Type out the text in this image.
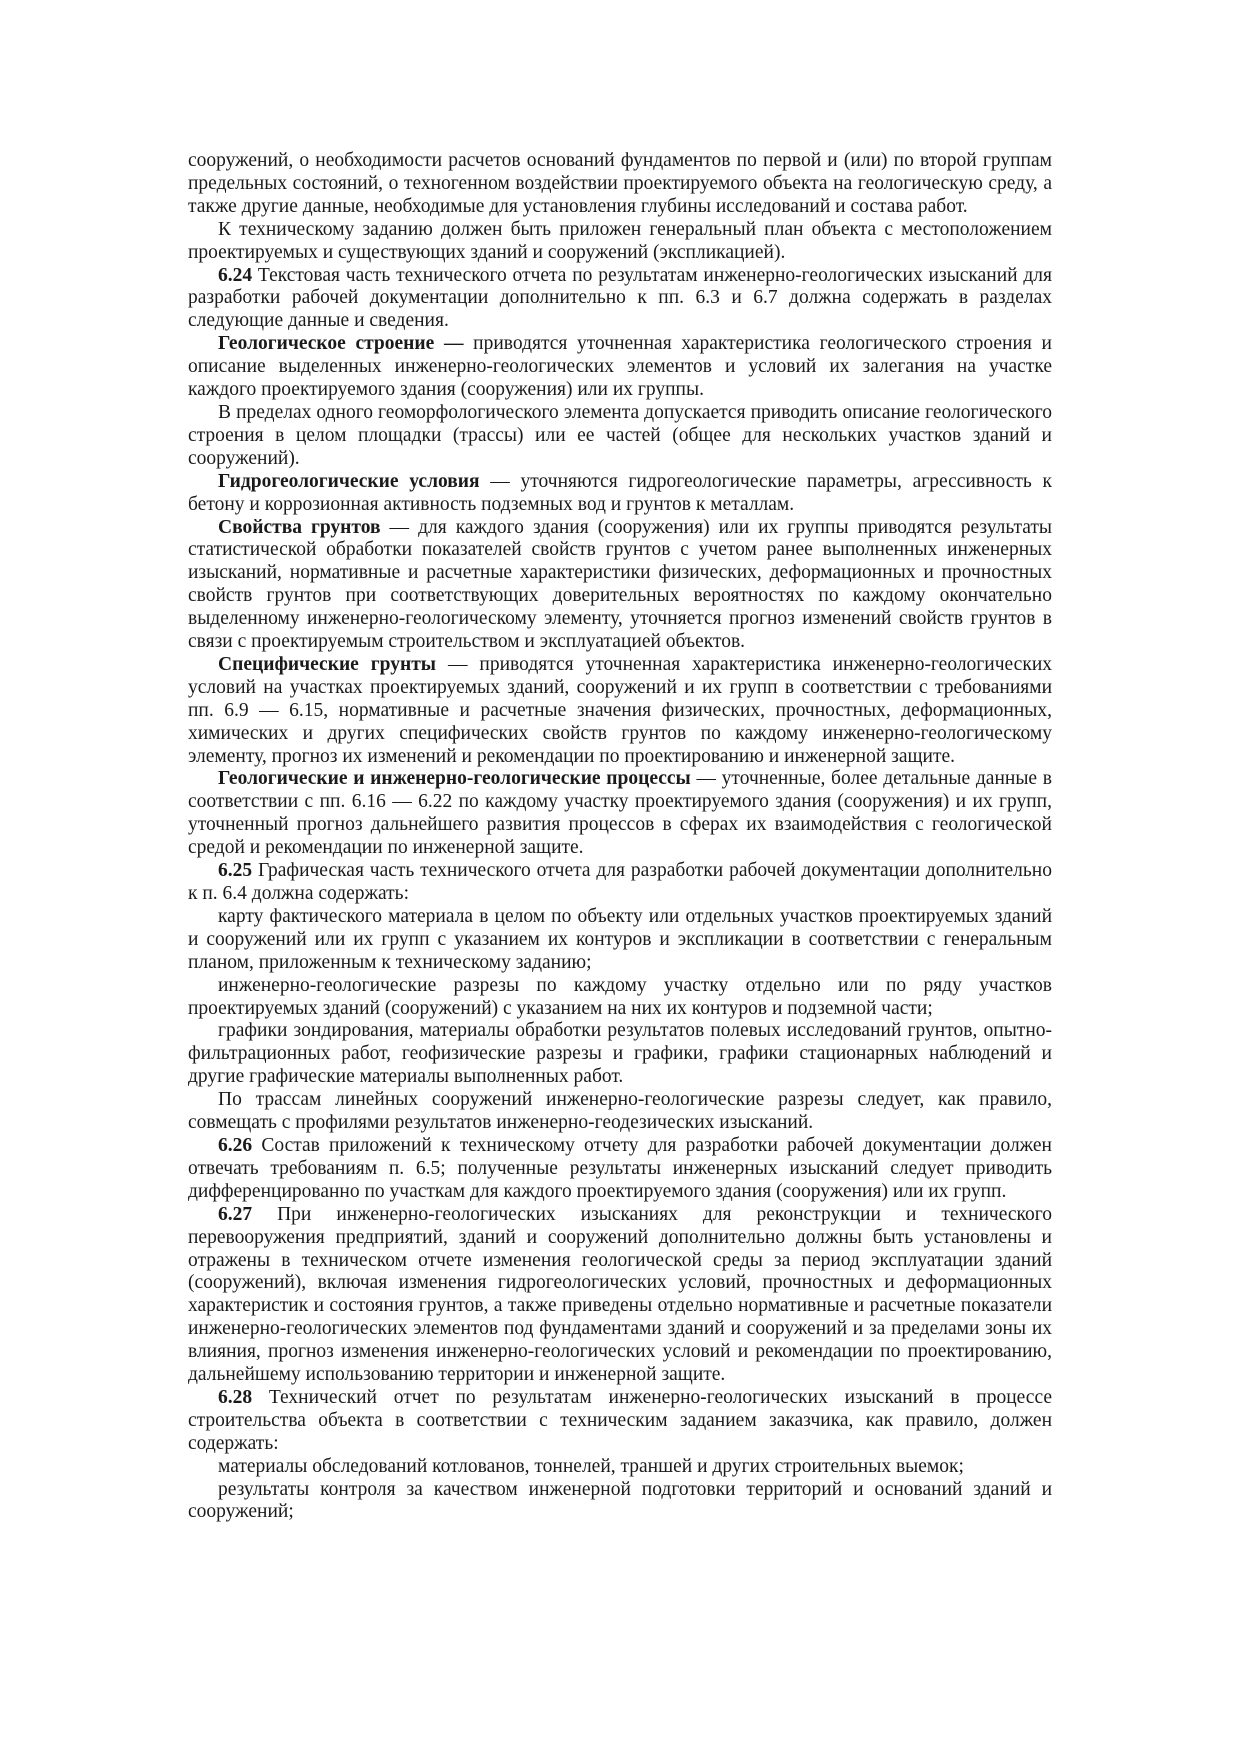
сооружений, о необходимости расчетов оснований фундаментов по первой и (или) по второй группам предельных состояний, о техногенном воздействии проектируемого объекта на геологическую среду, а также другие данные, необходимые для установления глубины исследований и состава работ.

К техническому заданию должен быть приложен генеральный план объекта с местоположением проектируемых и существующих зданий и сооружений (экспликацией).

6.24 Текстовая часть технического отчета по результатам инженерно-геологических изысканий для разработки рабочей документации дополнительно к пп. 6.3 и 6.7 должна содержать в разделах следующие данные и сведения.

Геологическое строение — приводятся уточненная характеристика геологического строения и описание выделенных инженерно-геологических элементов и условий их залегания на участке каждого проектируемого здания (сооружения) или их группы.

В пределах одного геоморфологического элемента допускается приводить описание геологического строения в целом площадки (трассы) или ее частей (общее для нескольких участков зданий и сооружений).

Гидрогеологические условия — уточняются гидрогеологические параметры, агрессивность к бетону и коррозионная активность подземных вод и грунтов к металлам.

Свойства грунтов — для каждого здания (сооружения) или их группы приводятся результаты статистической обработки показателей свойств грунтов с учетом ранее выполненных инженерных изысканий, нормативные и расчетные характеристики физических, деформационных и прочностных свойств грунтов при соответствующих доверительных вероятностях по каждому окончательно выделенному инженерно-геологическому элементу, уточняется прогноз изменений свойств грунтов в связи с проектируемым строительством и эксплуатацией объектов.

Специфические грунты — приводятся уточненная характеристика инженерно-геологических условий на участках проектируемых зданий, сооружений и их групп в соответствии с требованиями пп. 6.9 — 6.15, нормативные и расчетные значения физических, прочностных, деформационных, химических и других специфических свойств грунтов по каждому инженерно-геологическому элементу, прогноз их изменений и рекомендации по проектированию и инженерной защите.

Геологические и инженерно-геологические процессы — уточненные, более детальные данные в соответствии с пп. 6.16 — 6.22 по каждому участку проектируемого здания (сооружения) и их групп, уточненный прогноз дальнейшего развития процессов в сферах их взаимодействия с геологической средой и рекомендации по инженерной защите.

6.25 Графическая часть технического отчета для разработки рабочей документации дополнительно к п. 6.4 должна содержать:

карту фактического материала в целом по объекту или отдельных участков проектируемых зданий и сооружений или их групп с указанием их контуров и экспликации в соответствии с генеральным планом, приложенным к техническому заданию;

инженерно-геологические разрезы по каждому участку отдельно или по ряду участков проектируемых зданий (сооружений) с указанием на них их контуров и подземной части;

графики зондирования, материалы обработки результатов полевых исследований грунтов, опытно-фильтрационных работ, геофизические разрезы и графики, графики стационарных наблюдений и другие графические материалы выполненных работ.

По трассам линейных сооружений инженерно-геологические разрезы следует, как правило, совмещать с профилями результатов инженерно-геодезических изысканий.

6.26 Состав приложений к техническому отчету для разработки рабочей документации должен отвечать требованиям п. 6.5; полученные результаты инженерных изысканий следует приводить дифференцированно по участкам для каждого проектируемого здания (сооружения) или их групп.

6.27 При инженерно-геологических изысканиях для реконструкции и технического перевооружения предприятий, зданий и сооружений дополнительно должны быть установлены и отражены в техническом отчете изменения геологической среды за период эксплуатации зданий (сооружений), включая изменения гидрогеологических условий, прочностных и деформационных характеристик и состояния грунтов, а также приведены отдельно нормативные и расчетные показатели инженерно-геологических элементов под фундаментами зданий и сооружений и за пределами зоны их влияния, прогноз изменения инженерно-геологических условий и рекомендации по проектированию, дальнейшему использованию территории и инженерной защите.

6.28 Технический отчет по результатам инженерно-геологических изысканий в процессе строительства объекта в соответствии с техническим заданием заказчика, как правило, должен содержать:

материалы обследований котлованов, тоннелей, траншей и других строительных выемок;

результаты контроля за качеством инженерной подготовки территорий и оснований зданий и сооружений;
